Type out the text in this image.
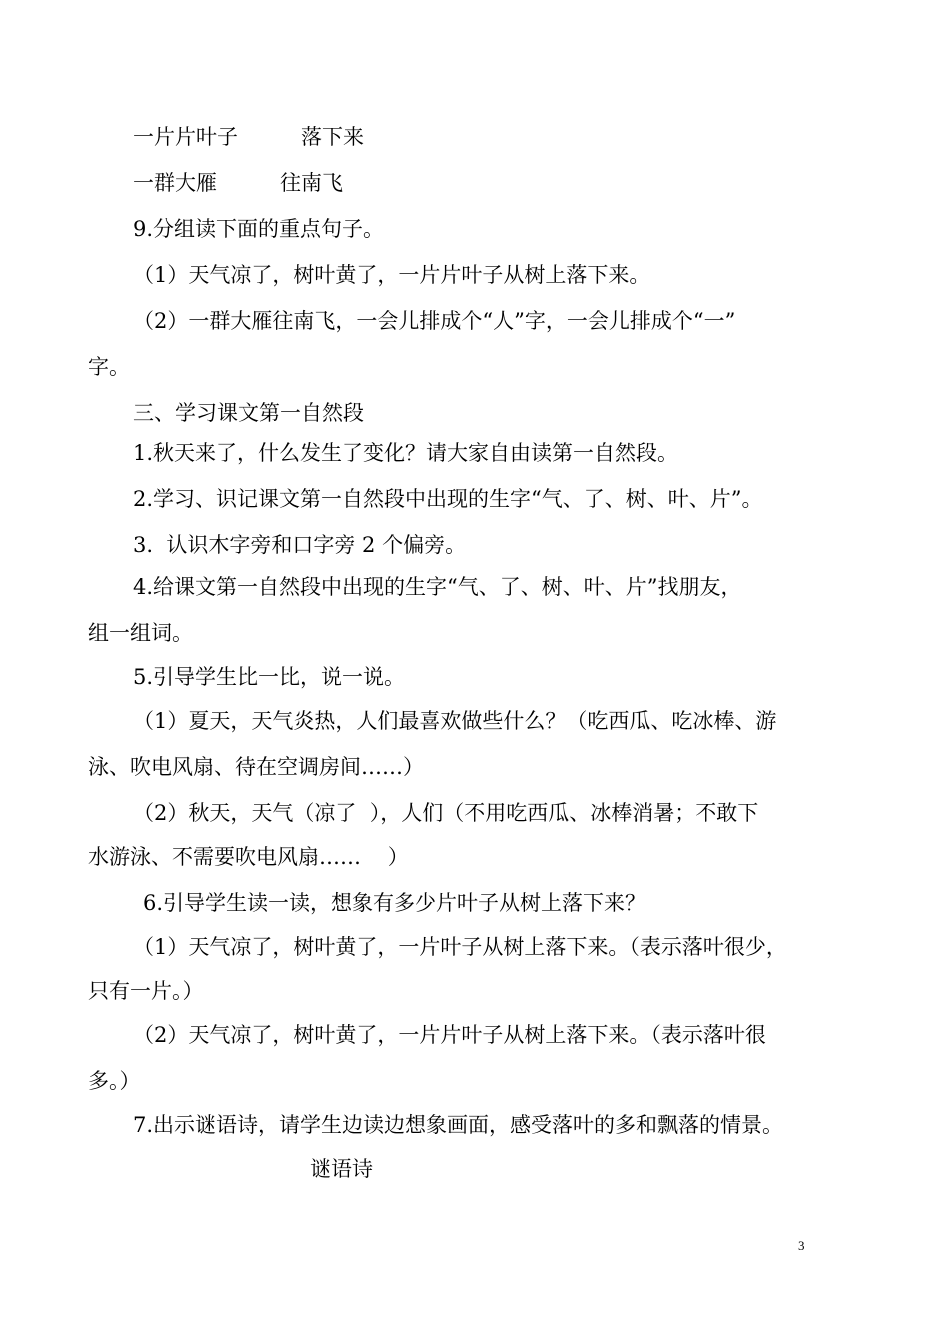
一片片叶子　　　落下来
一群大雁　　　往南飞
9.分组读下面的重点句子。
（1）天气凉了，树叶黄了，一片片叶子从树上落下来。
（2）一群大雁往南飞，一会儿排成个“人”字，一会儿排成个“一”
字。
三、学习课文第一自然段
1.秋天来了，什么发生了变化？请大家自由读第一自然段。
2.学习、识记课文第一自然段中出现的生字“气、了、树、叶、片”。
3.  认识木字旁和口字旁 2 个偏旁。
4.给课文第一自然段中出现的生字“气、了、树、叶、片”找朋友，
组一组词。
5.引导学生比一比，说一说。
（1）夏天，天气炎热，人们最喜欢做些什么？（吃西瓜、吃冰棒、游
泳、吹电风扇、待在空调房间……）
（2）秋天，天气（凉了  ），人们（不用吃西瓜、冰棒消暑；不敢下
水游泳、不需要吹电风扇……    ）
6.引导学生读一读，想象有多少片叶子从树上落下来？
（1）天气凉了，树叶黄了，一片叶子从树上落下来。（表示落叶很少，
只有一片。）
（2）天气凉了，树叶黄了，一片片叶子从树上落下来。（表示落叶很
多。）
7.出示谜语诗，请学生边读边想象画面，感受落叶的多和飘落的情景。
谜语诗
3
